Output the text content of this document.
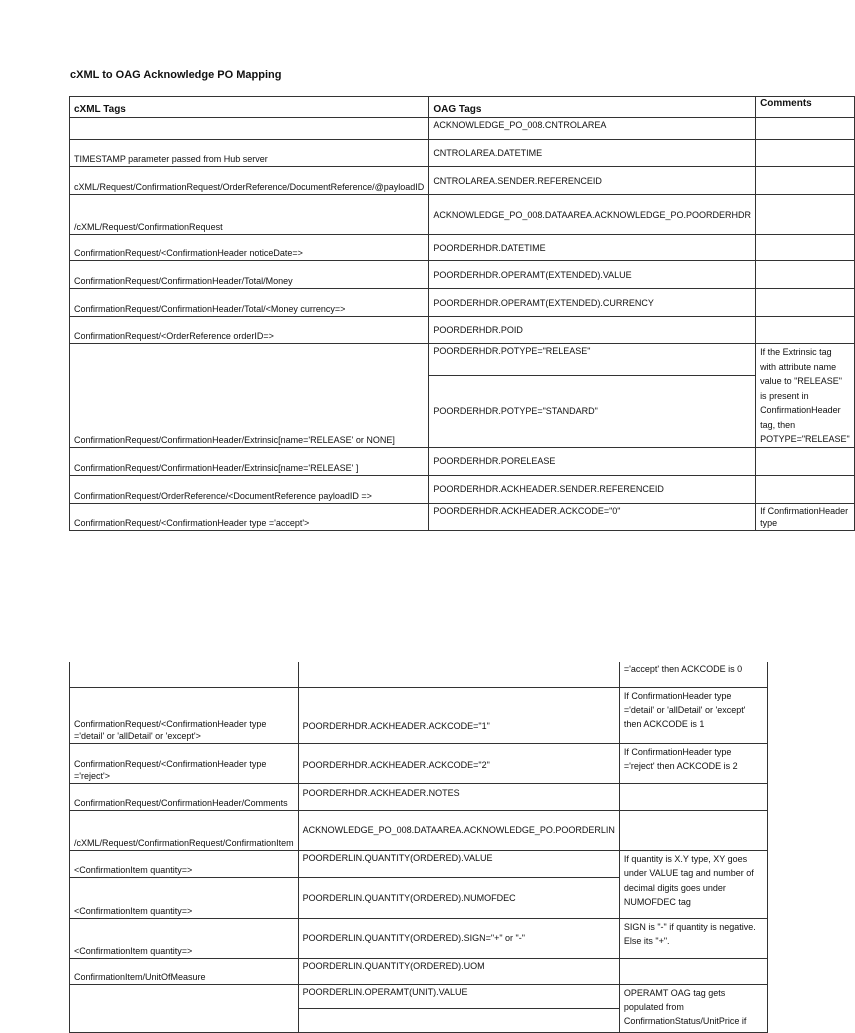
cXML to OAG Acknowledge PO Mapping
cXML Tags	OAG Tags	Comments
	ACKNOWLEDGE_PO_008.CNTROLAREA	
TIMESTAMP parameter passed from Hub server	CNTROLAREA.DATETIME	
cXML/Request/ConfirmationRequest/OrderReference/DocumentReference/@payloadID	CNTROLAREA.SENDER.REFERENCEID	
/cXML/Request/ConfirmationRequest	ACKNOWLEDGE_PO_008.DATAAREA.ACKNOWLEDGE_PO.POORDERHDR	
ConfirmationRequest/<ConfirmationHeader noticeDate=>	POORDERHDR.DATETIME	
ConfirmationRequest/ConfirmationHeader/Total/Money	POORDERHDR.OPERAMT(EXTENDED).VALUE	
ConfirmationRequest/ConfirmationHeader/Total/<Money currency=>	POORDERHDR.OPERAMT(EXTENDED).CURRENCY	
ConfirmationRequest/<OrderReference orderID=>	POORDERHDR.POID	
ConfirmationRequest/ConfirmationHeader/Extrinsic[name='RELEASE' or NONE]	POORDERHDR.POTYPE="RELEASE"	If the Extrinsic tag with attribute name value to "RELEASE" is present in ConfirmationHeader tag, then POTYPE="RELEASE"
	POORDERHDR.POTYPE="STANDARD"	
ConfirmationRequest/ConfirmationHeader/Extrinsic[name='RELEASE' ]	POORDERHDR.PORELEASE	
ConfirmationRequest/OrderReference/<DocumentReference payloadID =>	POORDERHDR.ACKHEADER.SENDER.REFERENCEID	
ConfirmationRequest/<ConfirmationHeader type ='accept'>	POORDERHDR.ACKHEADER.ACKCODE="0"	If ConfirmationHeader type
		='accept' then ACKCODE is 0
ConfirmationRequest/<ConfirmationHeader type ='detail' or 'allDetail' or 'except'>	POORDERHDR.ACKHEADER.ACKCODE="1"	If ConfirmationHeader type ='detail' or 'allDetail' or 'except' then ACKCODE is 1
ConfirmationRequest/<ConfirmationHeader type ='reject'>	POORDERHDR.ACKHEADER.ACKCODE="2"	If ConfirmationHeader type ='reject' then ACKCODE is 2
ConfirmationRequest/ConfirmationHeader/Comments	POORDERHDR.ACKHEADER.NOTES	
/cXML/Request/ConfirmationRequest/ConfirmationItem	ACKNOWLEDGE_PO_008.DATAAREA.ACKNOWLEDGE_PO.POORDERLIN	
<ConfirmationItem quantity=>	POORDERLIN.QUANTITY(ORDERED).VALUE	If quantity is X.Y type, XY goes under VALUE tag and number of decimal digits goes under NUMOFDEC tag
<ConfirmationItem quantity=>	POORDERLIN.QUANTITY(ORDERED).NUMOFDEC	
<ConfirmationItem quantity=>	POORDERLIN.QUANTITY(ORDERED).SIGN="+" or "-"	SIGN is "-" if quantity is negative. Else its "+".
ConfirmationItem/UnitOfMeasure	POORDERLIN.QUANTITY(ORDERED).UOM	
	POORDERLIN.OPERAMT(UNIT).VALUE	OPERAMT OAG tag gets populated from ConfirmationStatus/UnitPrice if
